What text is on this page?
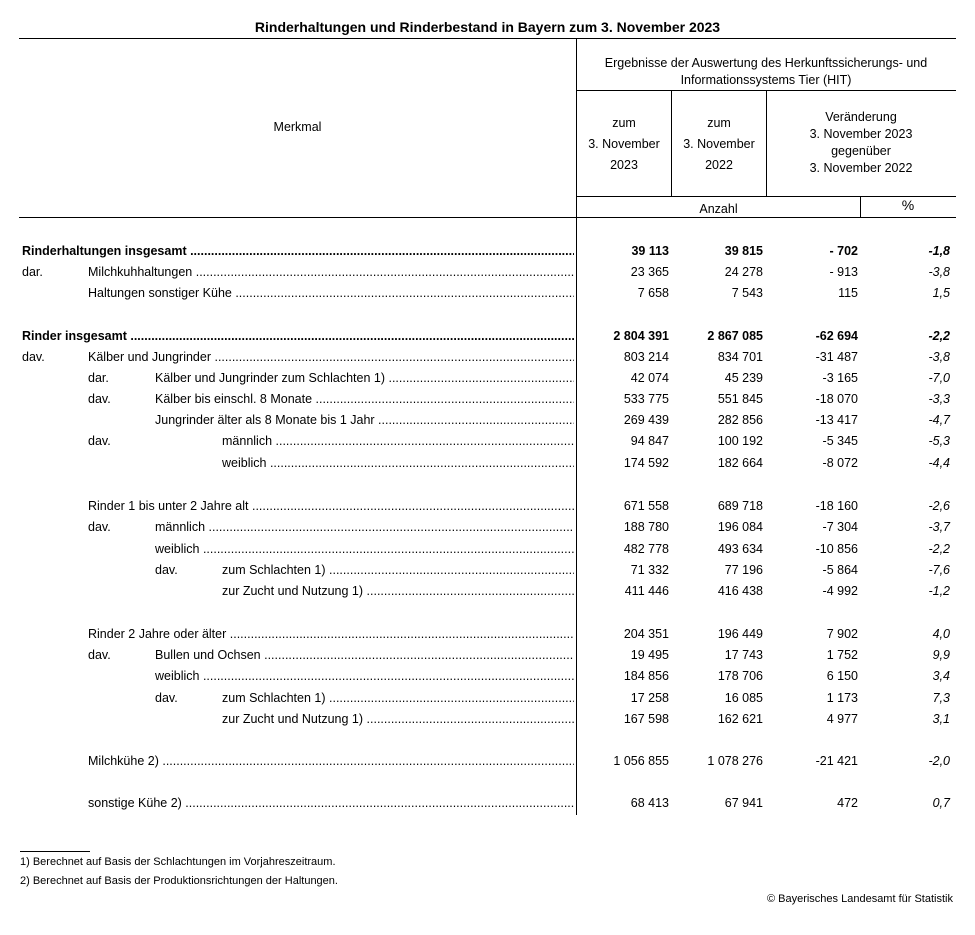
Rinderhaltungen und Rinderbestand in Bayern zum 3. November 2023
Merkmal
Ergebnisse der Auswertung des Herkunftssicherungs- und
Informationssystems Tier (HIT)
zum
3. November
2023
zum
3. November
2022
Veränderung
3. November 2023
gegenüber
3. November 2022
Anzahl	%
Rinderhaltungen insgesamt .....	39 113	39 815	- 702	-1,8
dar.	Milchkuhhaltungen .....	23 365	24 278	- 913	-3,8
Haltungen sonstiger Kühe .....	7 658	7 543	115	1,5
Rinder insgesamt .....	2 804 391	2 867 085	-62 694	-2,2
dav.	Kälber und Jungrinder .....	803 214	834 701	-31 487	-3,8
dar.	Kälber und Jungrinder zum Schlachten 1) .....	42 074	45 239	-3 165	-7,0
dav.	Kälber bis einschl. 8 Monate .....	533 775	551 845	-18 070	-3,3
Jungrinder älter als 8 Monate bis 1 Jahr .....	269 439	282 856	-13 417	-4,7
dav.	männlich .....	94 847	100 192	-5 345	-5,3
weiblich .....	174 592	182 664	-8 072	-4,4
Rinder 1 bis unter 2 Jahre alt .....	671 558	689 718	-18 160	-2,6
dav.	männlich .....	188 780	196 084	-7 304	-3,7
weiblich .....	482 778	493 634	-10 856	-2,2
dav.	zum Schlachten 1) .....	71 332	77 196	-5 864	-7,6
zur Zucht und Nutzung 1) .....	411 446	416 438	-4 992	-1,2
Rinder 2 Jahre oder älter .....	204 351	196 449	7 902	4,0
dav.	Bullen und Ochsen .....	19 495	17 743	1 752	9,9
weiblich .....	184 856	178 706	6 150	3,4
dav.	zum Schlachten 1) .....	17 258	16 085	1 173	7,3
zur Zucht und Nutzung 1) .....	167 598	162 621	4 977	3,1
Milchkühe 2) .....	1 056 855	1 078 276	-21 421	-2,0
sonstige Kühe 2) .....	68 413	67 941	472	0,7
1) Berechnet auf Basis der Schlachtungen im Vorjahreszeitraum.
2) Berechnet auf Basis der Produktionsrichtungen der Haltungen.
© Bayerisches Landesamt für Statistik
